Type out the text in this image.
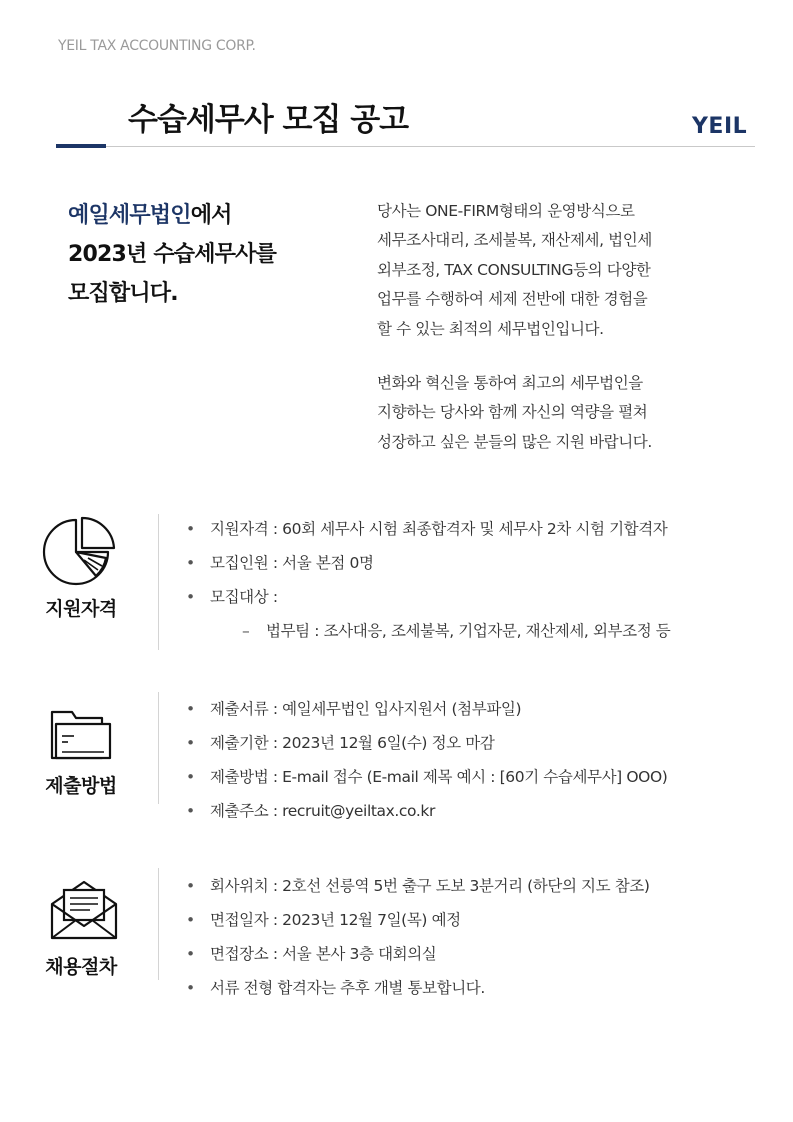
YEIL TAX ACCOUNTING CORP.
수습세무사 모집 공고	YEIL
예일세무법인에서
2023년 수습세무사를
모집합니다.
당사는 ONE-FIRM형태의 운영방식으로
세무조사대리, 조세불복, 재산제세, 법인세
외부조정, TAX CONSULTING등의 다양한
업무를 수행하여 세제 전반에 대한 경험을
할 수 있는 최적의 세무법인입니다.
변화와 혁신을 통하여 최고의 세무법인을
지향하는 당사와 함께 자신의 역량을 펼쳐
성장하고 싶은 분들의 많은 지원 바랍니다.
지원자격
• 지원자격 : 60회 세무사 시험 최종합격자 및 세무사 2차 시험 기합격자
• 모집인원 : 서울 본점 0명
• 모집대상 :
– 법무팀 : 조사대응, 조세불복, 기업자문, 재산제세, 외부조정 등
제출방법
• 제출서류 : 예일세무법인 입사지원서 (첨부파일)
• 제출기한 : 2023년 12월 6일(수) 정오 마감
• 제출방법 : E-mail 접수 (E-mail 제목 예시 : [60기 수습세무사] OOO)
• 제출주소 : recruit@yeiltax.co.kr
채용절차
• 회사위치 : 2호선 선릉역 5번 출구 도보 3분거리 (하단의 지도 참조)
• 면접일자 : 2023년 12월 7일(목) 예정
• 면접장소 : 서울 본사 3층 대회의실
• 서류 전형 합격자는 추후 개별 통보합니다.
